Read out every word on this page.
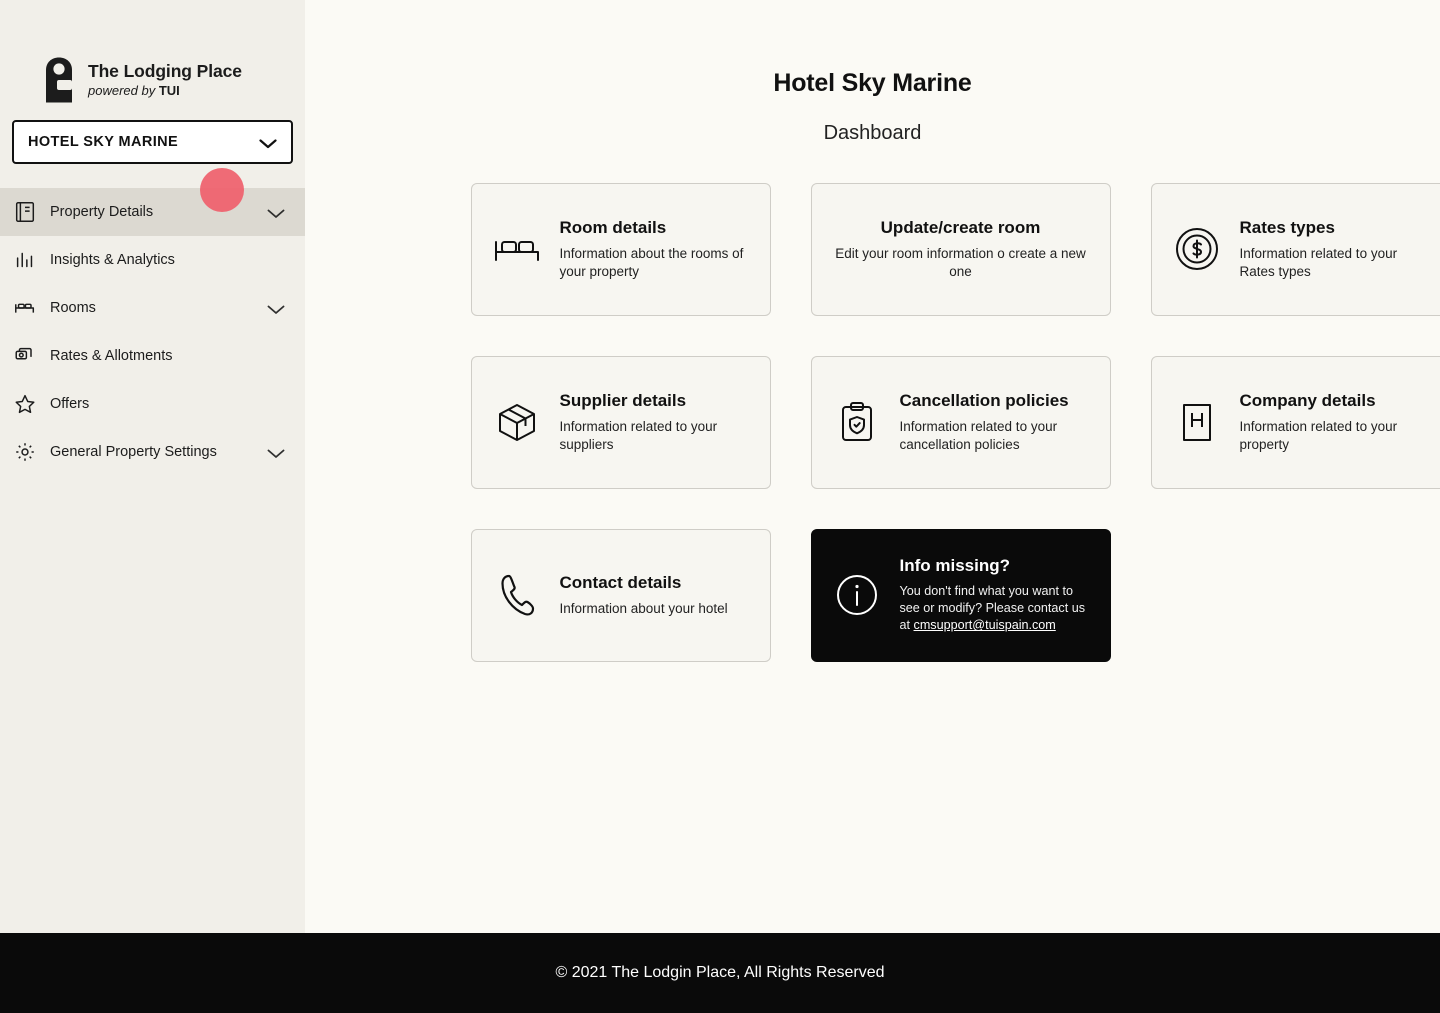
The Lodging Place
powered by TUI
HOTEL SKY MARINE
Property Details
Insights & Analytics
Rooms
Rates & Allotments
Offers
General Property Settings
Hotel Sky Marine
Dashboard
Room details
Information about the rooms of your property
Update/create room
Edit your room information o create a new one
Rates types
Information related to your Rates types
Supplier details
Information related to your suppliers
Cancellation policies
Information related to your cancellation policies
Company details
Information related to your property
Contact details
Information about your hotel
Info missing?
You don't find what you want to see or modify? Please contact us at cmsupport@tuispain.com
© 2021 The Lodgin Place, All Rights Reserved
